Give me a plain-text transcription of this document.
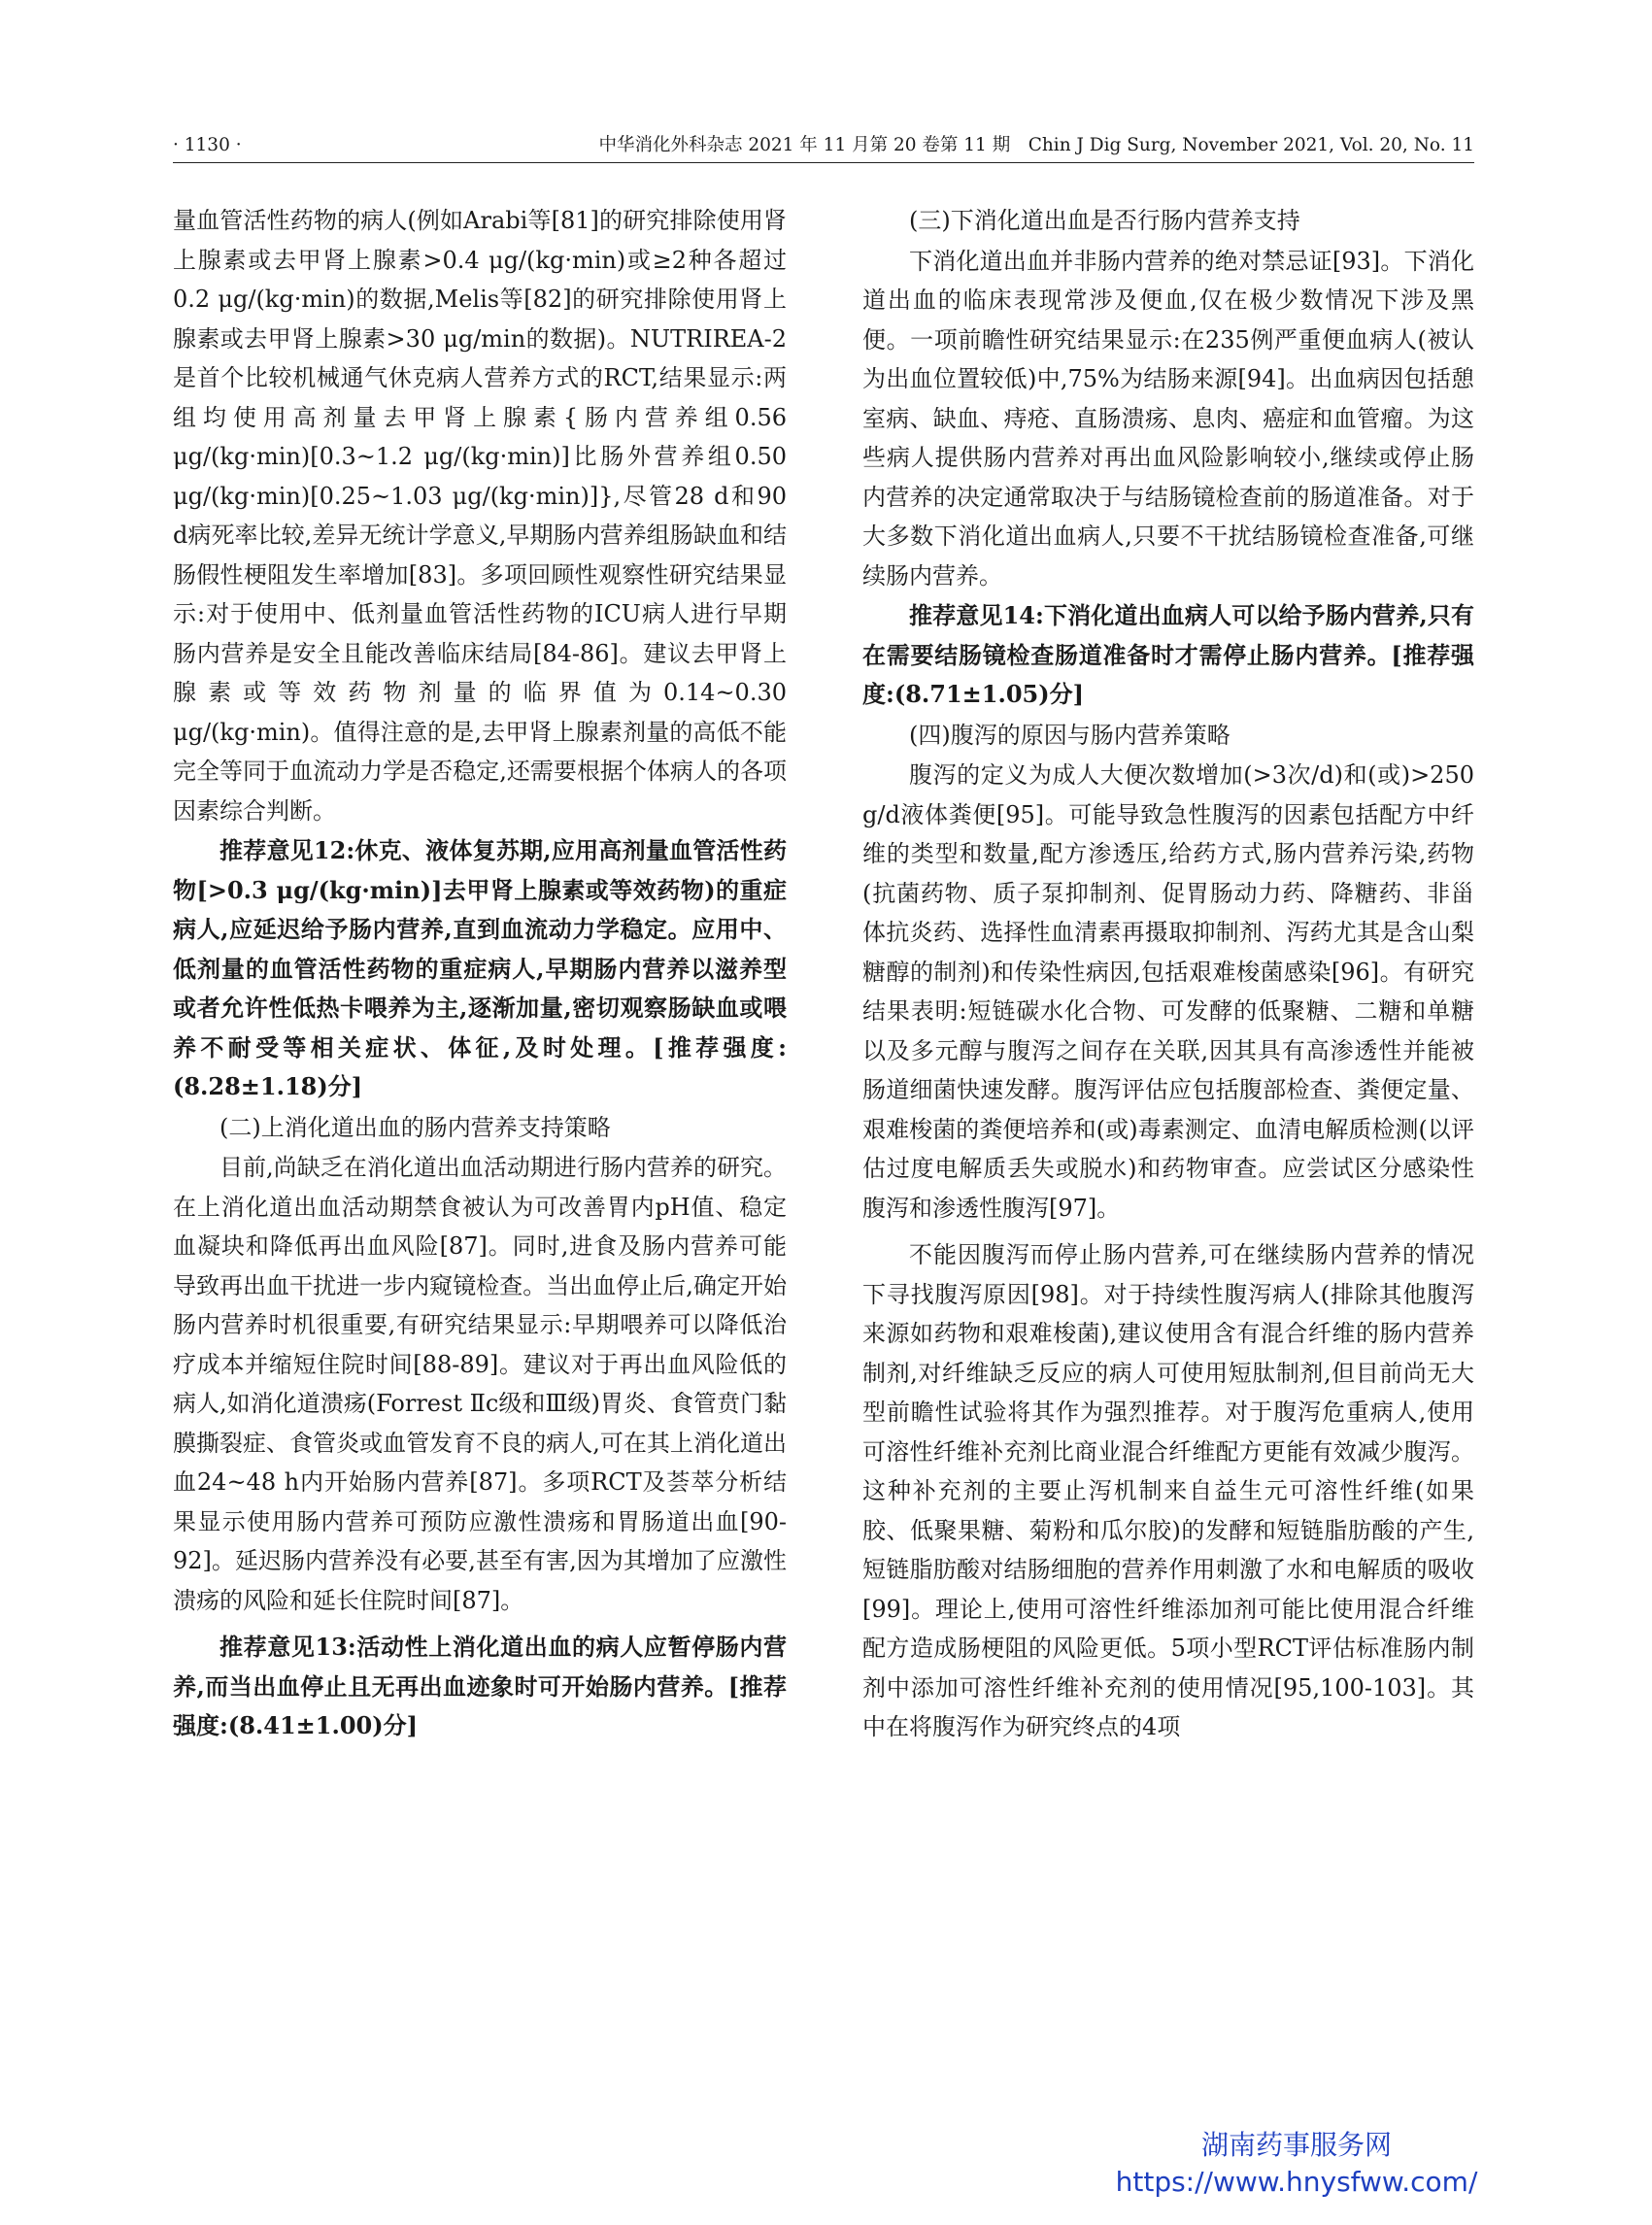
· 1130 ·	中华消化外科杂志 2021 年 11 月第 20 卷第 11 期　Chin J Dig Surg, November 2021, Vol. 20, No. 11

量血管活性药物的病人(例如Arabi等[81]的研究排除使用肾上腺素或去甲肾上腺素>0.4 μg/(kg·min)或≥2种各超过0.2 μg/(kg·min)的数据,Melis等[82]的研究排除使用肾上腺素或去甲肾上腺素>30 μg/min的数据)。NUTRIREA-2是首个比较机械通气休克病人营养方式的RCT,结果显示:两组均使用高剂量去甲肾上腺素{肠内营养组0.56 μg/(kg·min)[0.3~1.2 μg/(kg·min)]比肠外营养组0.50 μg/(kg·min)[0.25~1.03 μg/(kg·min)]},尽管28 d和90 d病死率比较,差异无统计学意义,早期肠内营养组肠缺血和结肠假性梗阻发生率增加[83]。多项回顾性观察性研究结果显示:对于使用中、低剂量血管活性药物的ICU病人进行早期肠内营养是安全且能改善临床结局[84-86]。建议去甲肾上腺素或等效药物剂量的临界值为0.14~0.30 μg/(kg·min)。值得注意的是,去甲肾上腺素剂量的高低不能完全等同于血流动力学是否稳定,还需要根据个体病人的各项因素综合判断。

推荐意见12:休克、液体复苏期,应用高剂量血管活性药物[>0.3 μg/(kg·min)]去甲肾上腺素或等效药物)的重症病人,应延迟给予肠内营养,直到血流动力学稳定。应用中、低剂量的血管活性药物的重症病人,早期肠内营养以滋养型或者允许性低热卡喂养为主,逐渐加量,密切观察肠缺血或喂养不耐受等相关症状、体征,及时处理。[推荐强度:(8.28±1.18)分]

(二)上消化道出血的肠内营养支持策略

目前,尚缺乏在消化道出血活动期进行肠内营养的研究。在上消化道出血活动期禁食被认为可改善胃内pH值、稳定血凝块和降低再出血风险[87]。同时,进食及肠内营养可能导致再出血干扰进一步内窥镜检查。当出血停止后,确定开始肠内营养时机很重要,有研究结果显示:早期喂养可以降低治疗成本并缩短住院时间[88-89]。建议对于再出血风险低的病人,如消化道溃疡(Forrest Ⅱc级和Ⅲ级)胃炎、食管贲门黏膜撕裂症、食管炎或血管发育不良的病人,可在其上消化道出血24~48 h内开始肠内营养[87]。多项RCT及荟萃分析结果显示使用肠内营养可预防应激性溃疡和胃肠道出血[90-92]。延迟肠内营养没有必要,甚至有害,因为其增加了应激性溃疡的风险和延长住院时间[87]。

推荐意见13:活动性上消化道出血的病人应暂停肠内营养,而当出血停止且无再出血迹象时可开始肠内营养。[推荐强度:(8.41±1.00)分]

(三)下消化道出血是否行肠内营养支持

下消化道出血并非肠内营养的绝对禁忌证[93]。下消化道出血的临床表现常涉及便血,仅在极少数情况下涉及黑便。一项前瞻性研究结果显示:在235例严重便血病人(被认为出血位置较低)中,75%为结肠来源[94]。出血病因包括憩室病、缺血、痔疮、直肠溃疡、息肉、癌症和血管瘤。为这些病人提供肠内营养对再出血风险影响较小,继续或停止肠内营养的决定通常取决于与结肠镜检查前的肠道准备。对于大多数下消化道出血病人,只要不干扰结肠镜检查准备,可继续肠内营养。

推荐意见14:下消化道出血病人可以给予肠内营养,只有在需要结肠镜检查肠道准备时才需停止肠内营养。[推荐强度:(8.71±1.05)分]

(四)腹泻的原因与肠内营养策略

腹泻的定义为成人大便次数增加(>3次/d)和(或)>250 g/d液体粪便[95]。可能导致急性腹泻的因素包括配方中纤维的类型和数量,配方渗透压,给药方式,肠内营养污染,药物(抗菌药物、质子泵抑制剂、促胃肠动力药、降糖药、非甾体抗炎药、选择性血清素再摄取抑制剂、泻药尤其是含山梨糖醇的制剂)和传染性病因,包括艰难梭菌感染[96]。有研究结果表明:短链碳水化合物、可发酵的低聚糖、二糖和单糖以及多元醇与腹泻之间存在关联,因其具有高渗透性并能被肠道细菌快速发酵。腹泻评估应包括腹部检查、粪便定量、艰难梭菌的粪便培养和(或)毒素测定、血清电解质检测(以评估过度电解质丢失或脱水)和药物审查。应尝试区分感染性腹泻和渗透性腹泻[97]。

不能因腹泻而停止肠内营养,可在继续肠内营养的情况下寻找腹泻原因[98]。对于持续性腹泻病人(排除其他腹泻来源如药物和艰难梭菌),建议使用含有混合纤维的肠内营养制剂,对纤维缺乏反应的病人可使用短肽制剂,但目前尚无大型前瞻性试验将其作为强烈推荐。对于腹泻危重病人,使用可溶性纤维补充剂比商业混合纤维配方更能有效减少腹泻。这种补充剂的主要止泻机制来自益生元可溶性纤维(如果胶、低聚果糖、菊粉和瓜尔胶)的发酵和短链脂肪酸的产生,短链脂肪酸对结肠细胞的营养作用刺激了水和电解质的吸收[99]。理论上,使用可溶性纤维添加剂可能比使用混合纤维配方造成肠梗阻的风险更低。5项小型RCT评估标准肠内制剂中添加可溶性纤维补充剂的使用情况[95,100-103]。其中在将腹泻作为研究终点的4项

湖南药事服务网
https://www.hnysfww.com/
